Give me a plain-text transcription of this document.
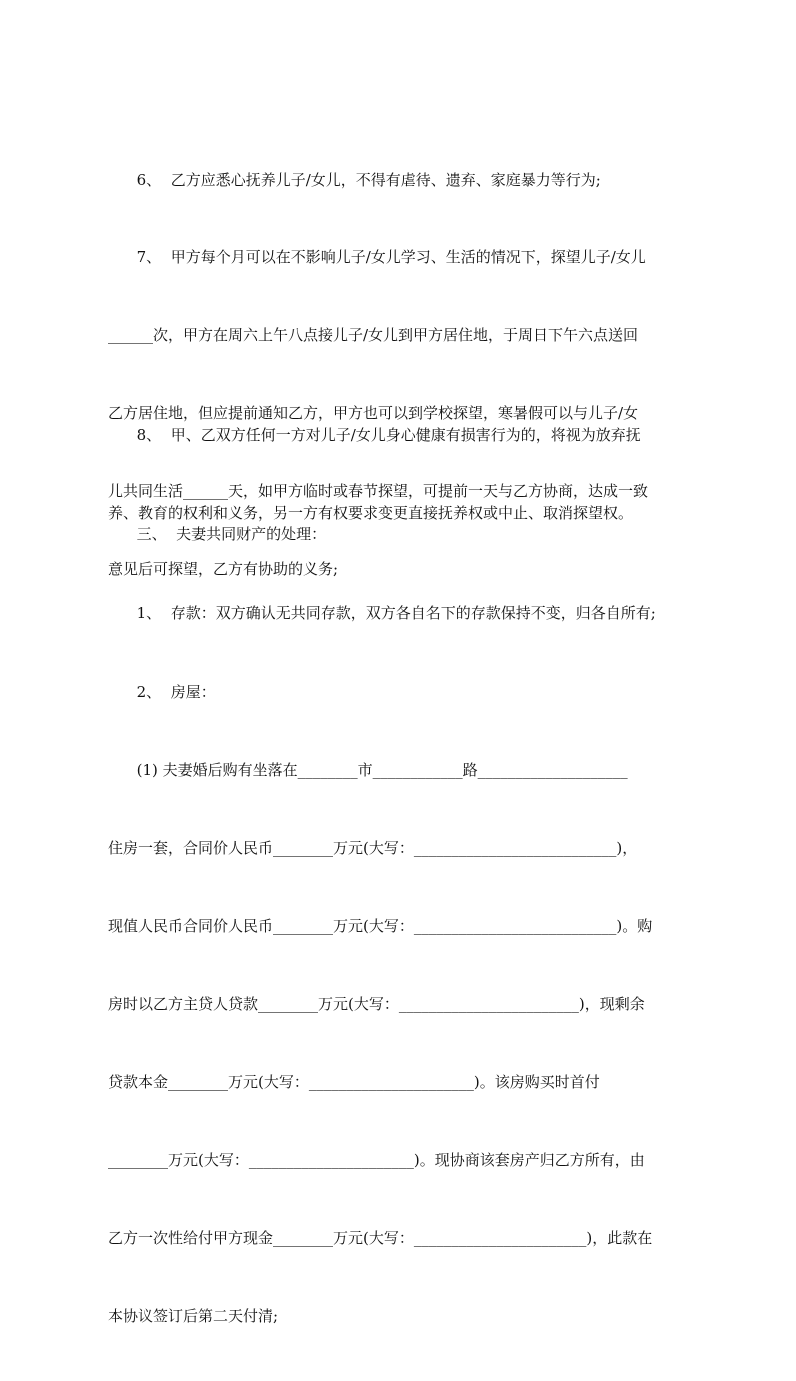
6、  乙方应悉心抚养儿子/女儿，不得有虐待、遗弃、家庭暴力等行为;

7、  甲方每个月可以在不影响儿子/女儿学习、生活的情况下，探望儿子/女儿

______次，甲方在周六上午八点接儿子/女儿到甲方居住地，于周日下午六点送回

乙方居住地，但应提前通知乙方，甲方也可以到学校探望，寒暑假可以与儿子/女

儿共同生活______天，如甲方临时或春节探望，可提前一天与乙方协商，达成一致

意见后可探望，乙方有协助的义务;

8、  甲、乙双方任何一方对儿子/女儿身心健康有损害行为的，将视为放弃抚

养、教育的权利和义务，另一方有权要求变更直接抚养权或中止、取消探望权。

三、  夫妻共同财产的处理：

1、  存款：双方确认无共同存款，双方各自名下的存款保持不变，归各自所有;

2、  房屋：

(1) 夫妻婚后购有坐落在________市____________路____________________

住房一套，合同价人民币________万元(大写：___________________________)，

现值人民币合同价人民币________万元(大写：___________________________)。购

房时以乙方主贷人贷款________万元(大写：________________________)，现剩余

贷款本金________万元(大写：______________________)。该房购买时首付

________万元(大写：______________________)。现协商该套房产归乙方所有，由

乙方一次性给付甲方现金________万元(大写：_______________________)，此款在

本协议签订后第二天付清;
